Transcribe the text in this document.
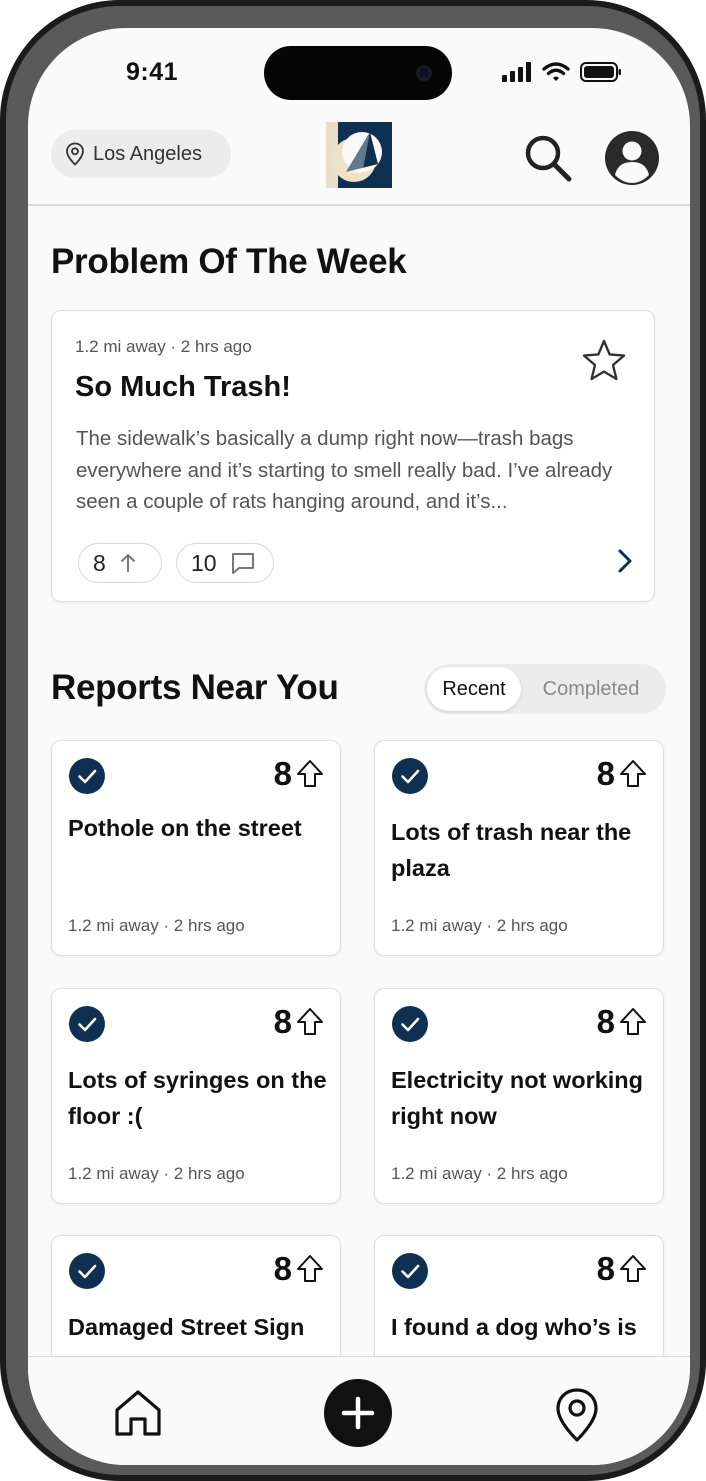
9:41
Los Angeles
Problem Of The Week
1.2 mi away · 2 hrs ago
So Much Trash!
The sidewalk’s basically a dump right now—trash bags everywhere and it’s starting to smell really bad. I’ve already seen a couple of rats hanging around, and it’s...
8	10
Reports Near You	Recent	Completed
8
Pothole on the street
1.2 mi away · 2 hrs ago
8
Lots of trash near the plaza
1.2 mi away · 2 hrs ago
8
Lots of syringes on the floor :(
1.2 mi away · 2 hrs ago
8
Electricity not working right now
1.2 mi away · 2 hrs ago
8
Damaged Street Sign
8
I found a dog who’s is
